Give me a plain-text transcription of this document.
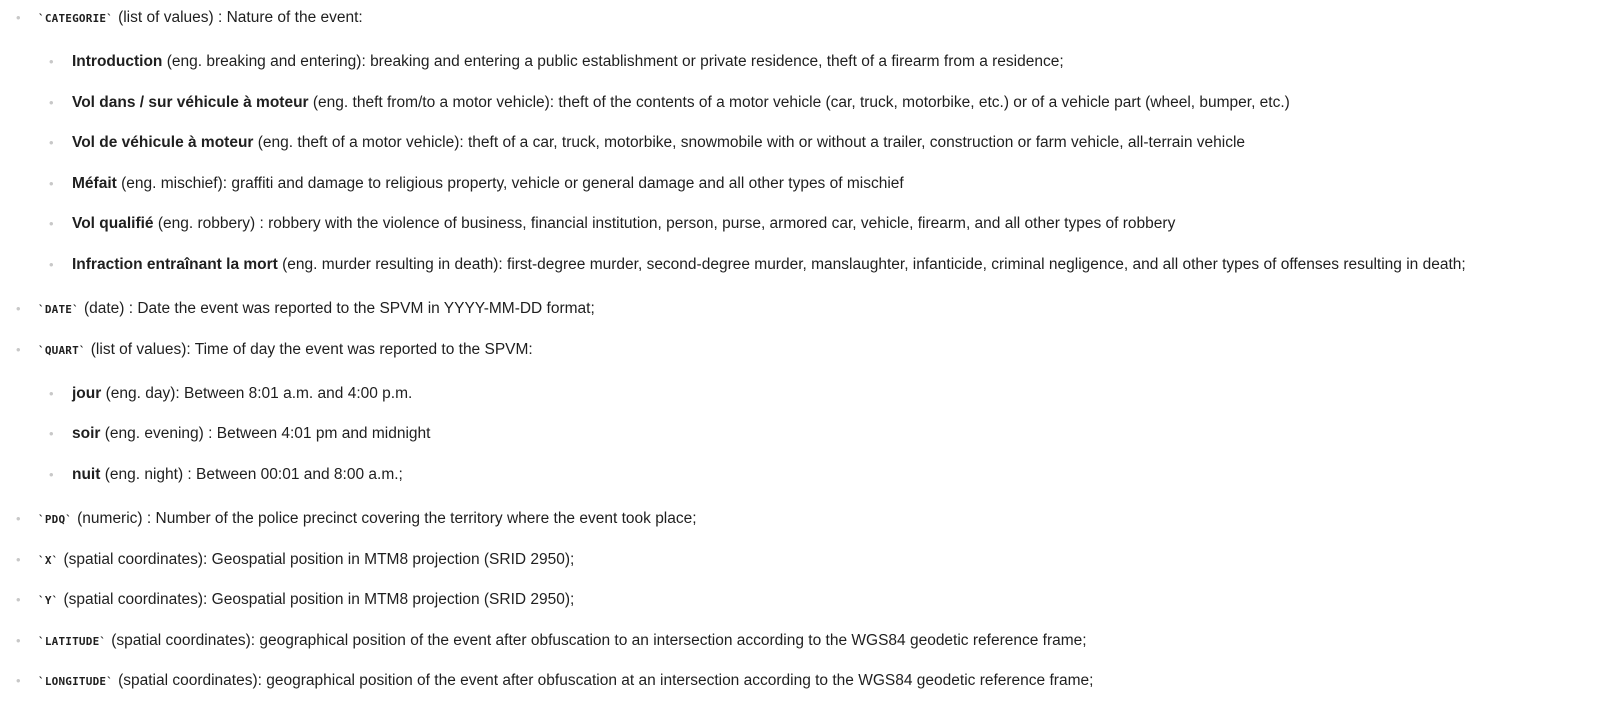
• `CATEGORIE` (list of values) : Nature of the event:
• Introduction (eng. breaking and entering): breaking and entering a public establishment or private residence, theft of a firearm from a residence;
• Vol dans / sur véhicule à moteur (eng. theft from/to a motor vehicle): theft of the contents of a motor vehicle (car, truck, motorbike, etc.) or of a vehicle part (wheel, bumper, etc.)
• Vol de véhicule à moteur (eng. theft of a motor vehicle): theft of a car, truck, motorbike, snowmobile with or without a trailer, construction or farm vehicle, all-terrain vehicle
• Méfait (eng. mischief): graffiti and damage to religious property, vehicle or general damage and all other types of mischief
• Vol qualifié (eng. robbery) : robbery with the violence of business, financial institution, person, purse, armored car, vehicle, firearm, and all other types of robbery
• Infraction entraînant la mort (eng. murder resulting in death): first-degree murder, second-degree murder, manslaughter, infanticide, criminal negligence, and all other types of offenses resulting in death;
• `DATE` (date) : Date the event was reported to the SPVM in YYYY-MM-DD format;
• `QUART` (list of values): Time of day the event was reported to the SPVM:
• jour (eng. day): Between 8:01 a.m. and 4:00 p.m.
• soir (eng. evening) : Between 4:01 pm and midnight
• nuit (eng. night) : Between 00:01 and 8:00 a.m.;
• `PDQ` (numeric) : Number of the police precinct covering the territory where the event took place;
• `X` (spatial coordinates): Geospatial position in MTM8 projection (SRID 2950);
• `Y` (spatial coordinates): Geospatial position in MTM8 projection (SRID 2950);
• `LATITUDE` (spatial coordinates): geographical position of the event after obfuscation to an intersection according to the WGS84 geodetic reference frame;
• `LONGITUDE` (spatial coordinates): geographical position of the event after obfuscation at an intersection according to the WGS84 geodetic reference frame;
